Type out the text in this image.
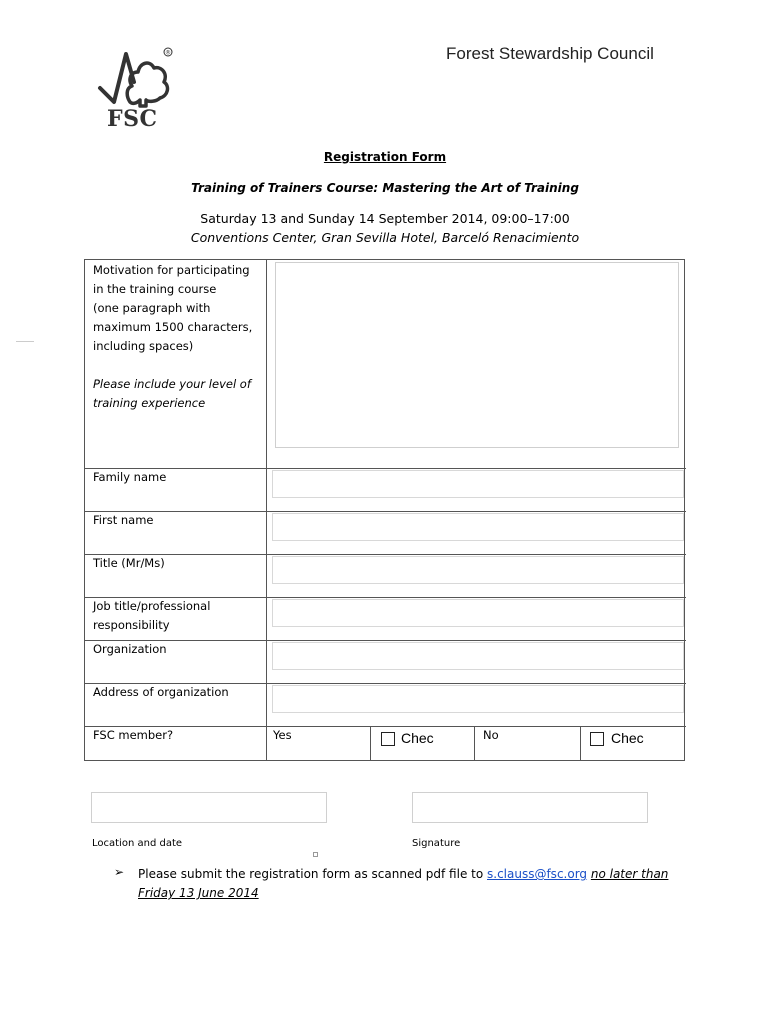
®
FSC
Forest Stewardship Council
Registration Form
Training of Trainers Course: Mastering the Art of Training
Saturday 13 and Sunday 14 September 2014, 09:00–17:00
Conventions Center, Gran Sevilla Hotel, Barceló Renacimiento
Motivation for participating
in the training course
(one paragraph with
maximum 1500 characters,
including spaces)
Please include your level of
training experience
Family name
First name
Title (Mr/Ms)
Job title/professional
responsibility
Organization
Address of organization
FSC member?	Yes	Chec	No	Chec
Location and date	Signature
➢ Please submit the registration form as scanned pdf file to s.clauss@fsc.org no later than
Friday 13 June 2014
